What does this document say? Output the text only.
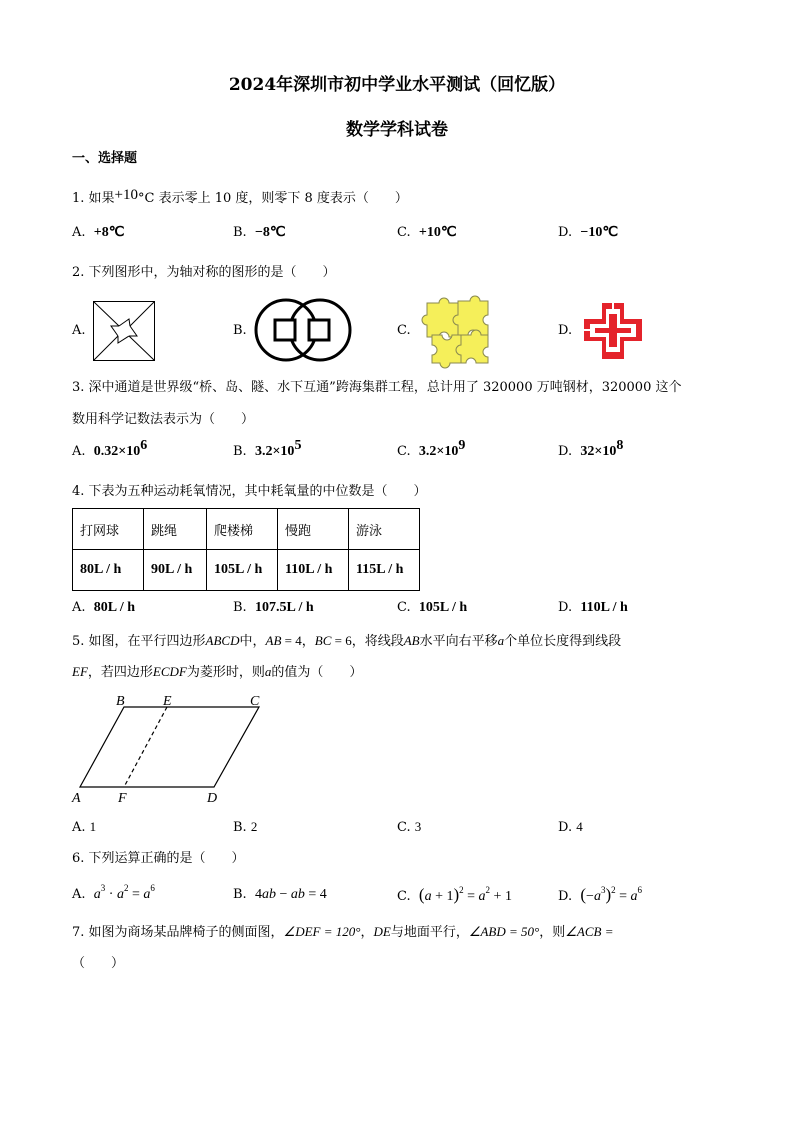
2024年深圳市初中学业水平测试（回忆版）
数学学科试卷
一、选择题
1. 如果+10°C 表示零上 10 度，则零下 8 度表示（　　）
A. +8℃	B. −8℃	C. +10℃	D. −10℃
2. 下列图形中，为轴对称的图形的是（　　）
A.	B.	C.	D.
3. 深中通道是世界级“桥、岛、隧、水下互通”跨海集群工程，总计用了 320000 万吨钢材，320000 这个
数用科学记数法表示为（　　）
A. $0.32\times 10^6$	B. $3.2\times 10^5$	C. $3.2\times 10^9$	D. $32\times 10^8$
4. 下表为五种运动耗氧情况，其中耗氧量的中位数是（　　）
打网球	跳绳	爬楼梯	慢跑	游泳
80L / h	90L / h	105L / h	110L / h	115L / h
A. 80L / h	B. 107.5L / h	C. 105L / h	D. 110L / h
5. 如图，在平行四边形ABCD中，AB = 4，BC = 6，将线段AB水平向右平移a个单位长度得到线段
EF，若四边形ECDF为菱形时，则a的值为（　　）
B	E	C
A	F	D
A. 1	B. 2	C. 3	D. 4
6. 下列运算正确的是（　　）
A. $a^3 \cdot a^2 = a^6$	B. 4ab − ab = 4	C. $(a + 1)^2 = a^2 + 1$	D. $(-a^3)^2 = a^6$
7. 如图为商场某品牌椅子的侧面图，∠DEF = 120°，DE与地面平行，∠ABD = 50°，则∠ACB =
（　　）
